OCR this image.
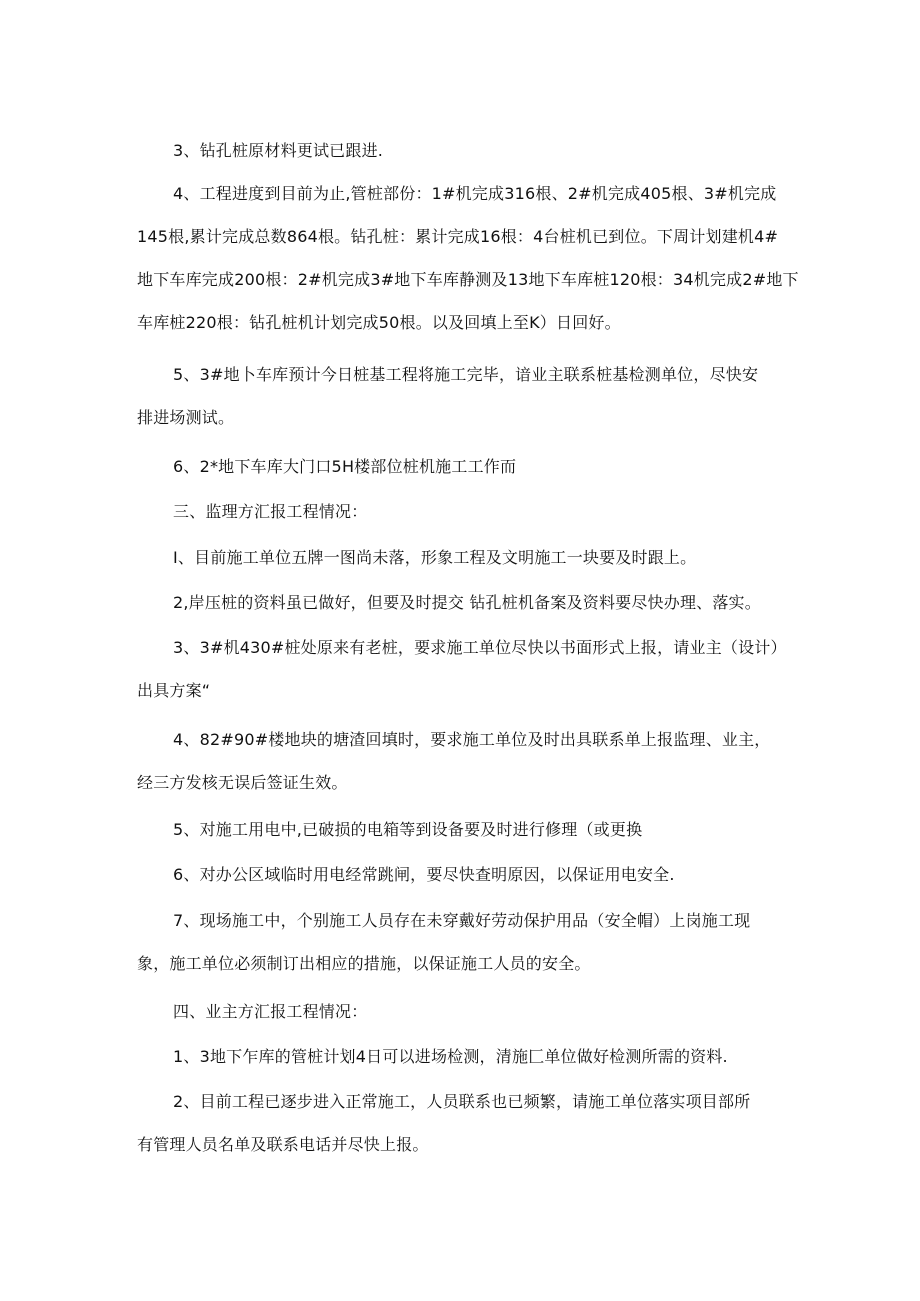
3、钻孔桩原材料更试已跟进.
4、工程进度到目前为止,管桩部份：1#机完成316根、2#机完成405根、3#机完成
145根,累计完成总数864根。钻孔桩：累计完成16根：4台桩机已到位。下周计划建机4#
地下车库完成200根：2#机完成3#地下车库静测及13地下车库桩120根：34机完成2#地下
车库桩220根：钻孔桩机计划完成50根。以及回填上至K）日回好。
5、3#地卜车库预计今日桩基工程将施工完毕，谙业主联系桩基检测单位，尽快安
排进场测试。
6、2*地下车库大门口5H楼部位桩机施工工作而
三、监理方汇报工程情况：
I、目前施工单位五牌一图尚未落，形象工程及文明施工一块要及时跟上。
2,岸压桩的资料虽已做好，但要及时提交 钻孔桩机备案及资料要尽快办理、落实。
3、3#机430#桩处原来有老桩，要求施工单位尽快以书面形式上报，请业主（设计）
出具方案“
4、82#90#楼地块的塘渣回填时，要求施工单位及时出具联系单上报监理、业主，
经三方发核无误后签证生效。
5、对施工用电中,已破损的电箱等到设备要及时进行修理（或更换
6、对办公区域临时用电经常跳闸，要尽快查明原因，以保证用电安全.
7、现场施工中，个别施工人员存在未穿戴好劳动保护用品（安全帽）上岗施工现
象，施工单位必须制订出相应的措施，以保证施工人员的安全。
四、业主方汇报工程情况：
1、3地下乍库的管桩计划4日可以进场检测，清施匚单位做好检测所需的资料.
2、目前工程已逐步进入正常施工，人员联系也已频繁，请施工单位落实项目部所
有管理人员名单及联系电话并尽快上报。
